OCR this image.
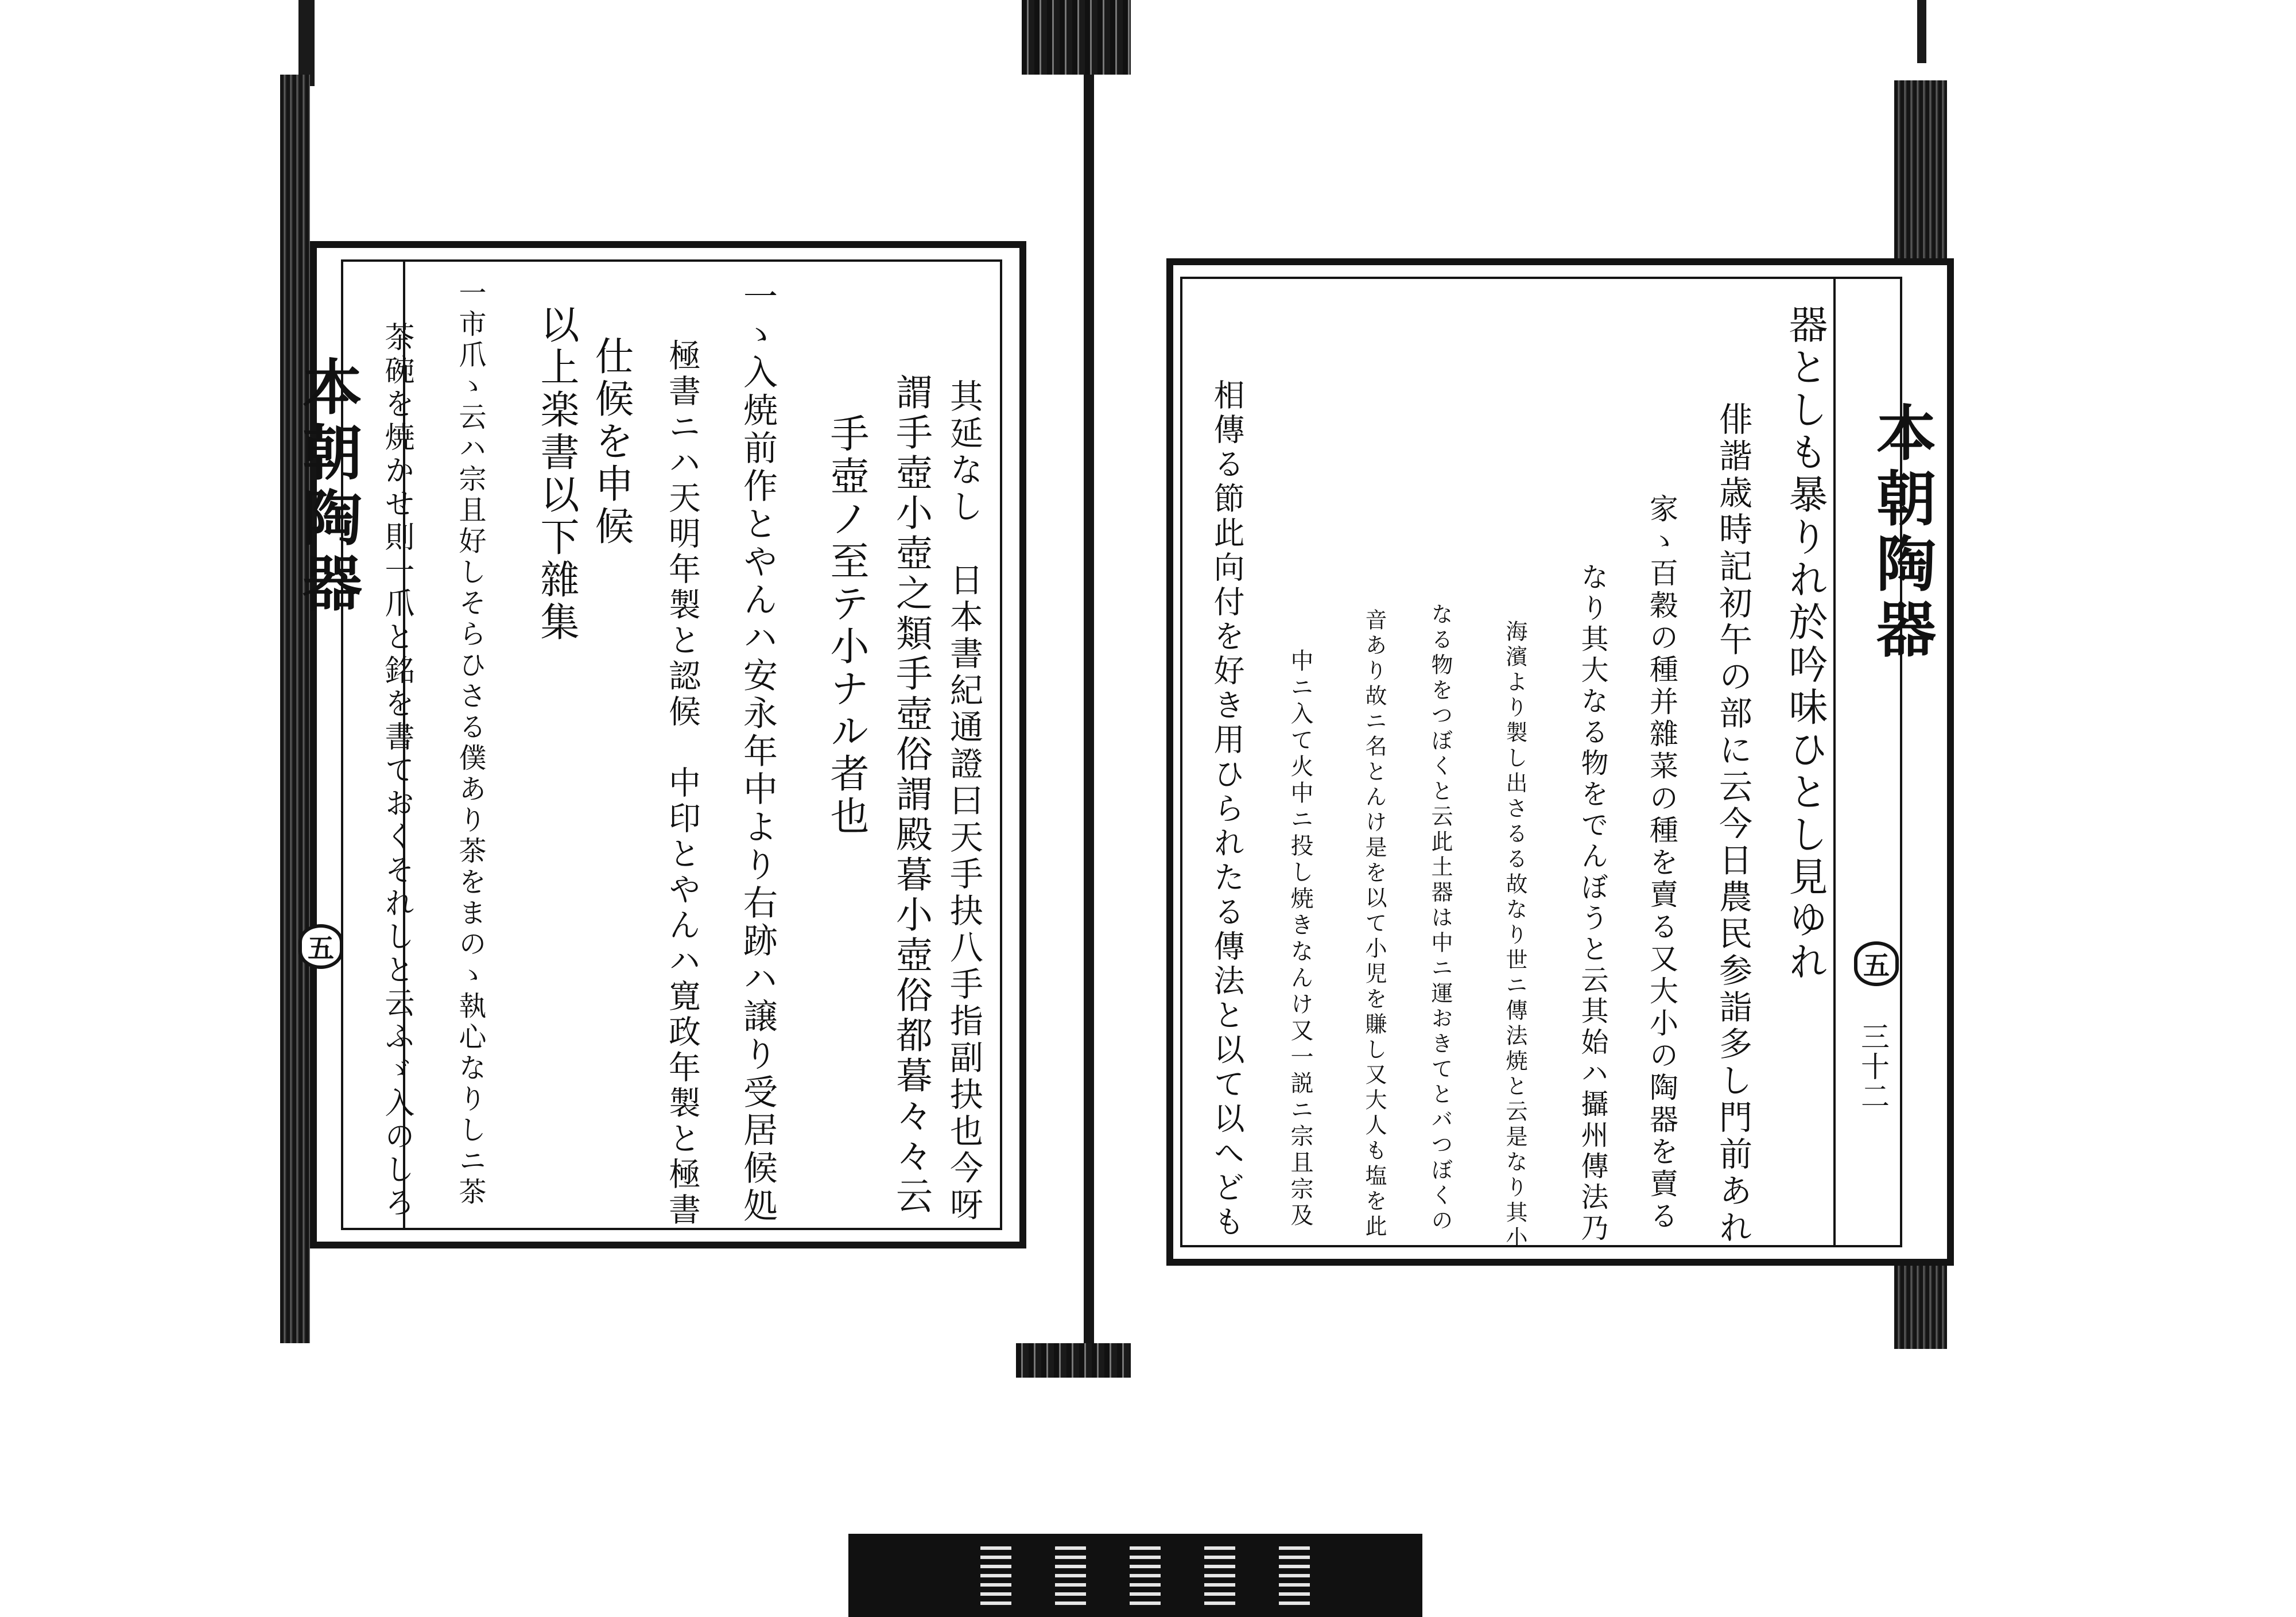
本朝陶器
五	其延なし　日本書紀通證曰天手抉八手指副抉也今呀
謂手壺小壺之類手壺俗謂殿暮小壺俗都暮々々云
手壺ノ至テ小ナル者也
一ゝ入焼前作とやんハ安永年中より右跡ハ譲り受居候処
極書ニハ天明年製と認候　中印とやんハ寛政年製と極書
仕候を申候
以上楽書以下雜集
一市爪ゝ云ハ宗且好しそらひさる僕あり茶をまのゝ執心なりしニ茶
茶碗を焼かせ則一爪と銘を書ておくそれしと云ふゞ入のしろ	本朝陶器
五
三十二
器としも暴りれ於吟味ひとし見ゆれ
俳諧歳時記初午の部に云今日農民参詣多し門前あれ
家ゝ百穀の種并雜菜の種を賣る又大小の陶器を賣る
なり其大なる物をでんぼうと云其始ハ攝州傳法乃
海濱より製し出さるる故なり世ニ傳法焼と云是なり其小
なる物をつぼくと云此土器は中ニ運おきてとバつぼくの
音あり故ニ名とんけ是を以て小児を賺し又大人も塩を此
中ニ入て火中ニ投し焼きなんけ又一説ニ宗且宗及
相傳る節此向付を好き用ひられたる傳法と以て以へども
